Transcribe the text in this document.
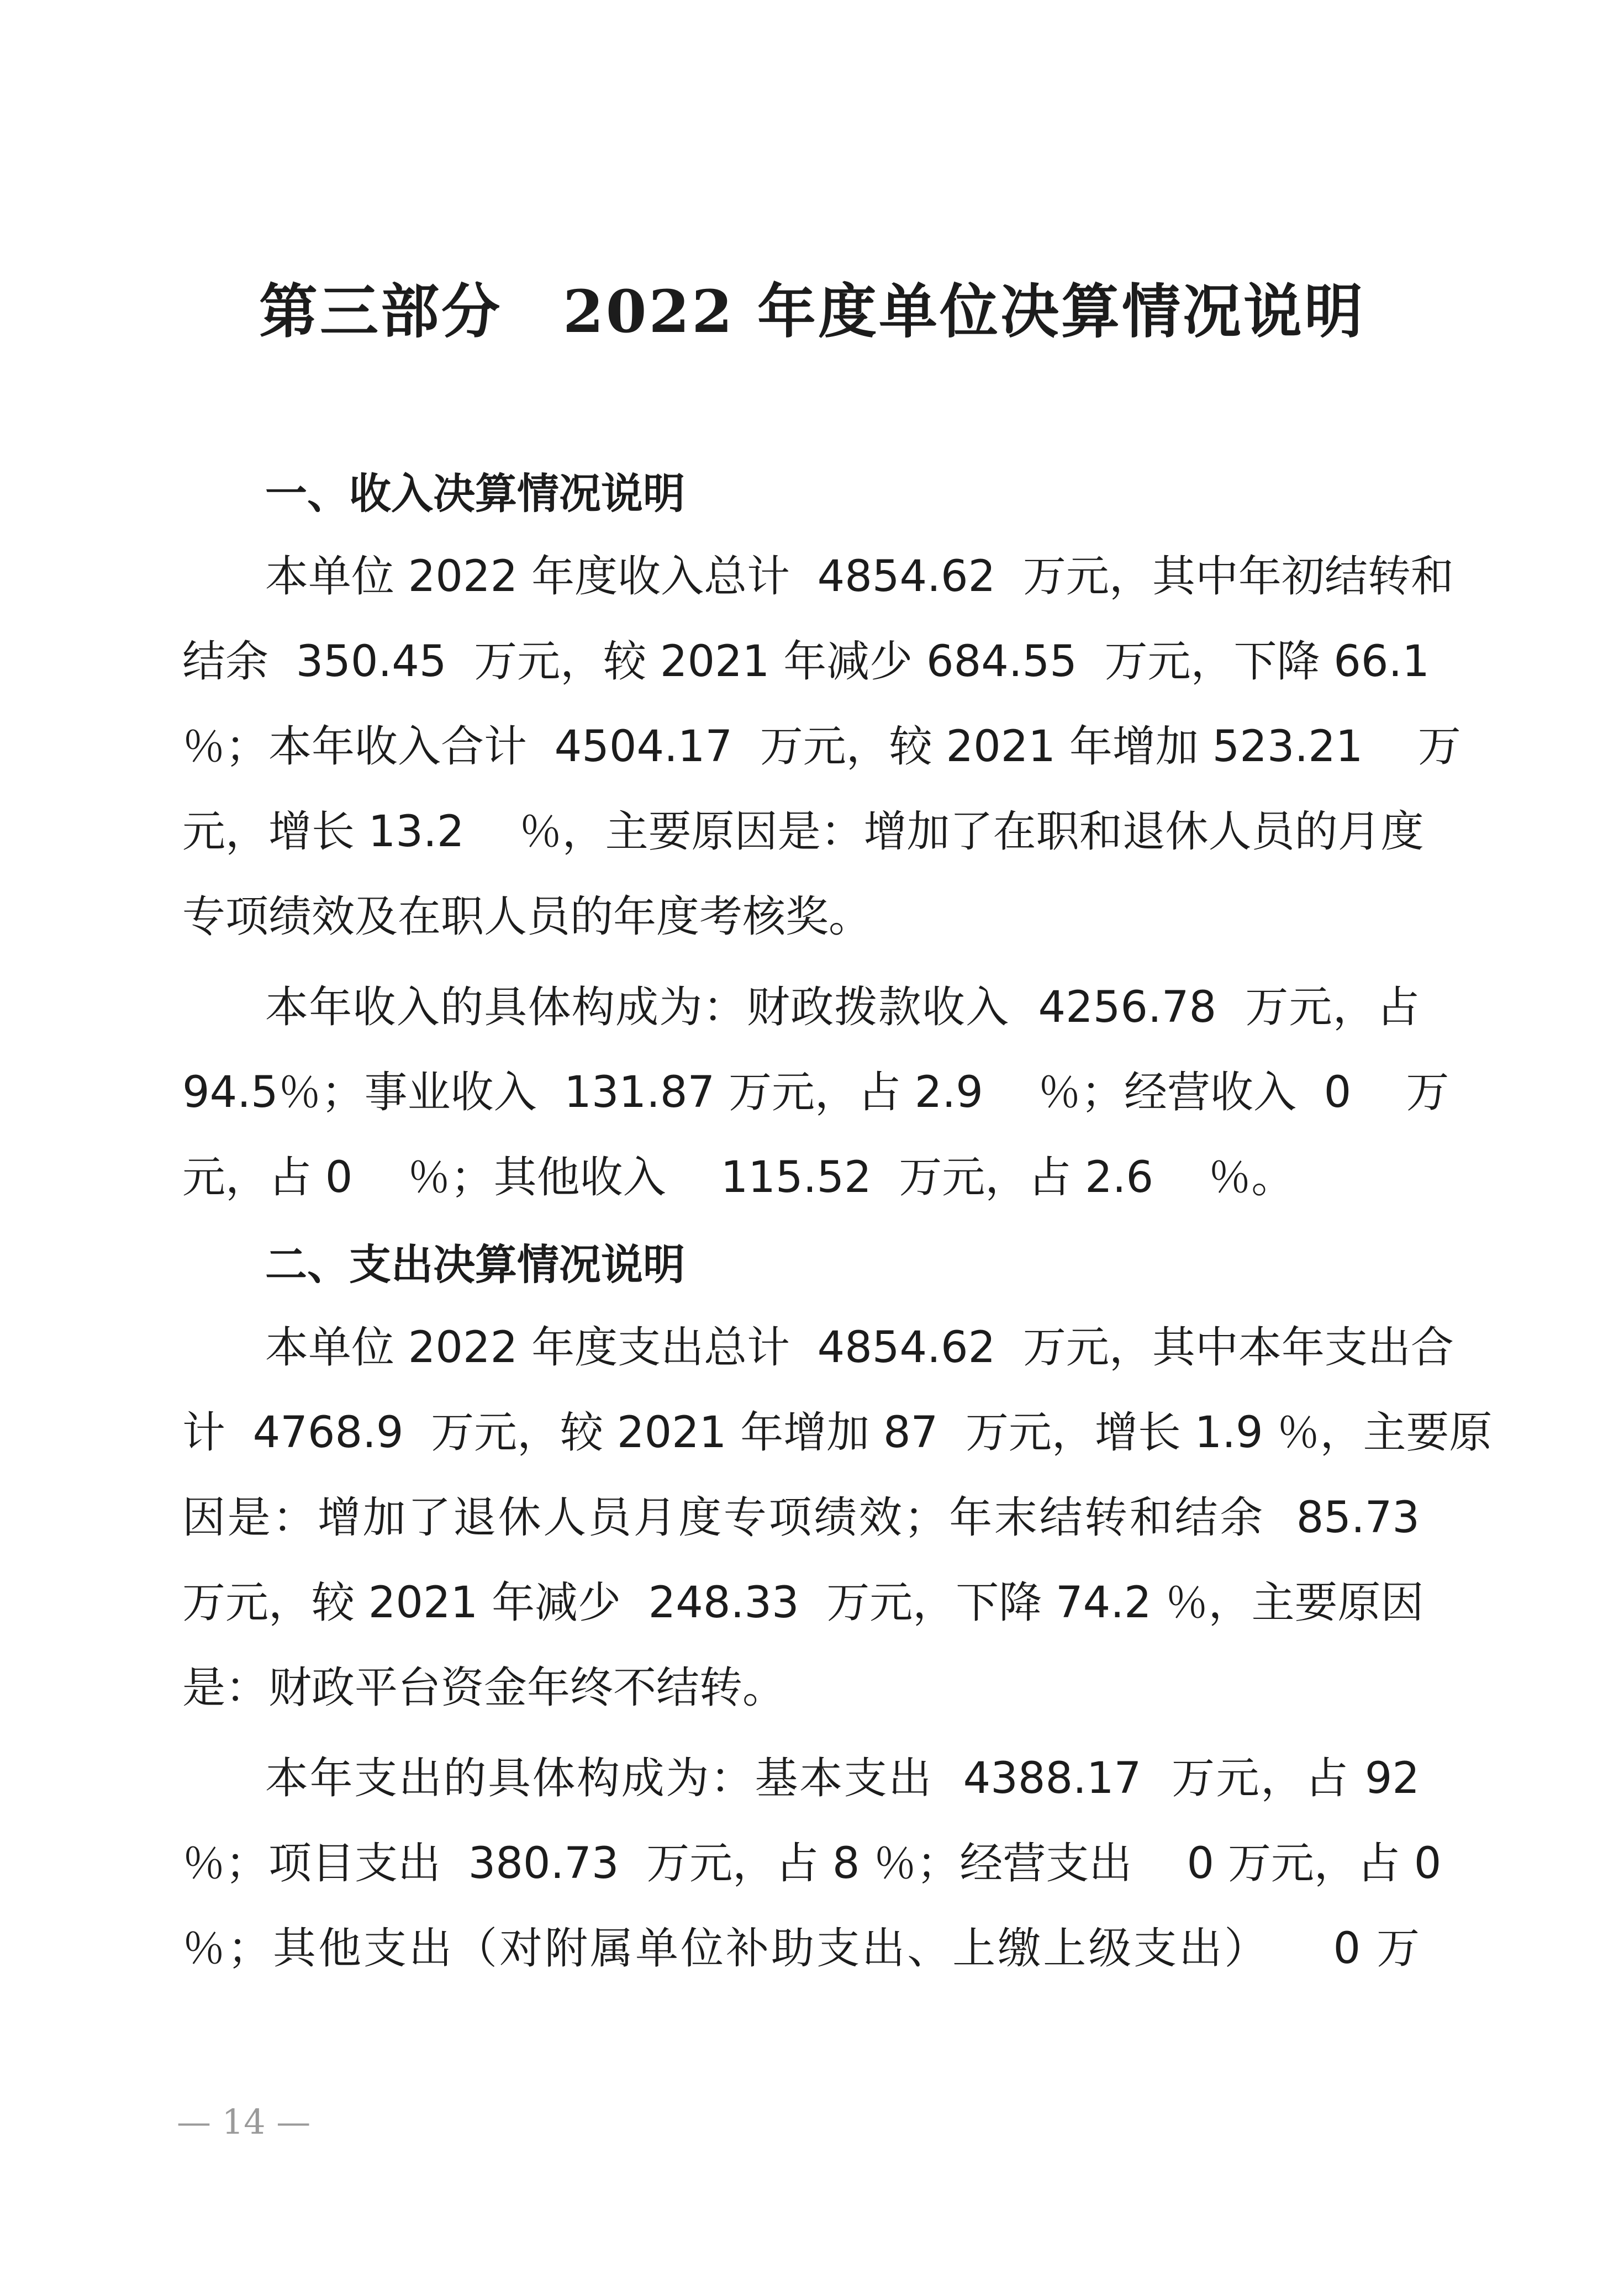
第三部分　2022 年度单位决算情况说明
一、收入决算情况说明
本单位 2022 年度收入总计  4854.62  万元，其中年初结转和
结余  350.45  万元，较 2021 年减少 684.55  万元，下降 66.1
％；本年收入合计  4504.17  万元，较 2021 年增加 523.21    万
元，增长 13.2    ％，主要原因是：增加了在职和退休人员的月度
专项绩效及在职人员的年度考核奖。
本年收入的具体构成为：财政拨款收入  4256.78  万元，占
94.5％；事业收入  131.87 万元，占 2.9    ％；经营收入  0    万
元，占 0    ％；其他收入    115.52  万元，占 2.6    ％。
二、支出决算情况说明
本单位 2022 年度支出总计  4854.62  万元，其中本年支出合
计  4768.9  万元，较 2021 年增加 87  万元，增长 1.9 ％，主要原
因是：增加了退休人员月度专项绩效；年末结转和结余  85.73
万元，较 2021 年减少  248.33  万元，下降 74.2 ％，主要原因
是：财政平台资金年终不结转。
本年支出的具体构成为：基本支出  4388.17  万元，占 92
％；项目支出  380.73  万元，占 8 ％；经营支出    0 万元，占 0
％；其他支出（对附属单位补助支出、上缴上级支出）    0 万
— 14 —
